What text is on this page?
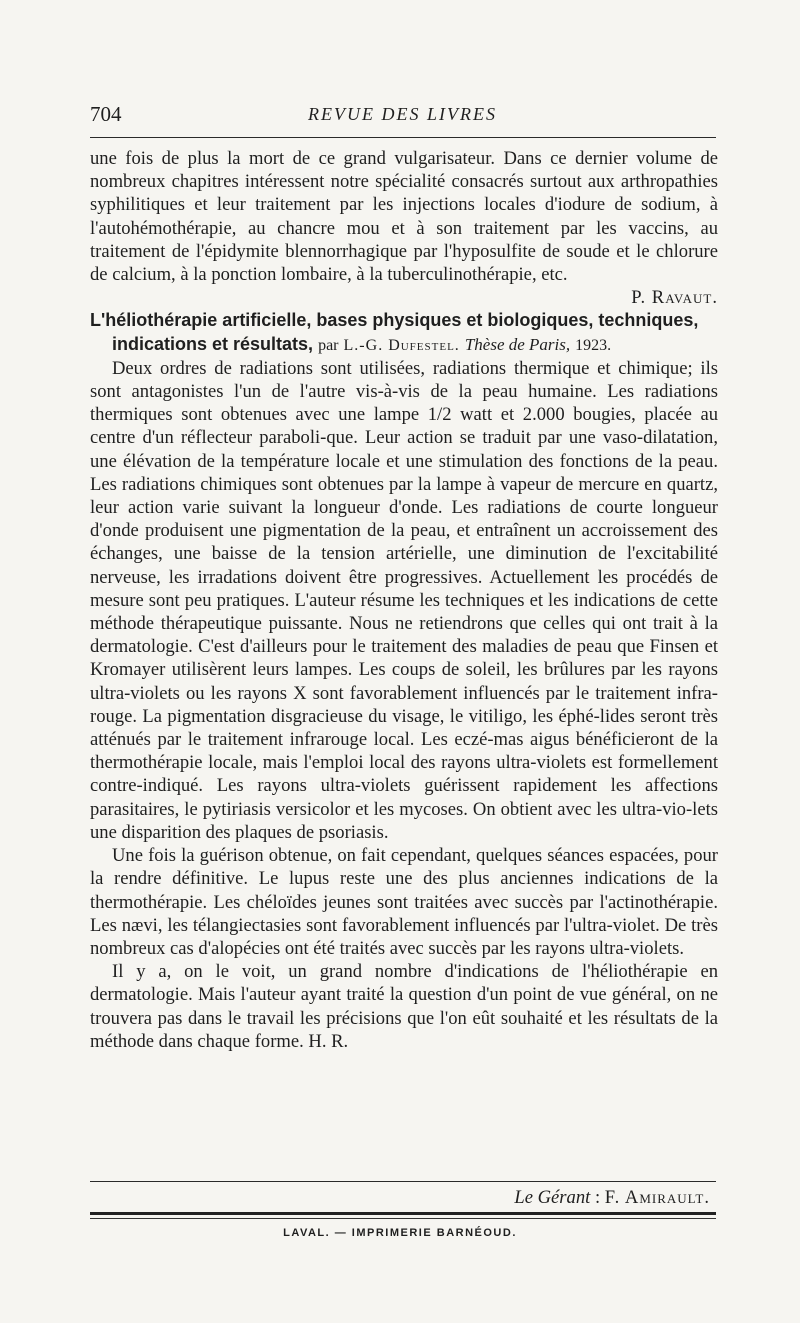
704	REVUE DES LIVRES

une fois de plus la mort de ce grand vulgarisateur. Dans ce dernier volume de nombreux chapitres intéressent notre spécialité consacrés surtout aux arthropathies syphilitiques et leur traitement par les injections locales d'iodure de sodium, à l'autohémothérapie, au chancre mou et à son traitement par les vaccins, au traitement de l'épidymite blennorrhagique par l'hyposulfite de soude et le chlorure de calcium, à la ponction lombaire, à la tuberculinothérapie, etc.

P. Ravaut.

L'héliothérapie artificielle, bases physiques et biologiques, techniques,
indications et résultats, par L.-G. Dufestel. Thèse de Paris, 1923.

Deux ordres de radiations sont utilisées, radiations thermique et chimique; ils sont antagonistes l'un de l'autre vis-à-vis de la peau humaine. Les radiations thermiques sont obtenues avec une lampe 1/2 watt et 2.000 bougies, placée au centre d'un réflecteur paraboli-que. Leur action se traduit par une vaso-dilatation, une élévation de la température locale et une stimulation des fonctions de la peau. Les radiations chimiques sont obtenues par la lampe à vapeur de mercure en quartz, leur action varie suivant la longueur d'onde. Les radiations de courte longueur d'onde produisent une pigmentation de la peau, et entraînent un accroissement des échanges, une baisse de la tension artérielle, une diminution de l'excitabilité nerveuse, les irradations doivent être progressives. Actuellement les procédés de mesure sont peu pratiques. L'auteur résume les techniques et les indications de cette méthode thérapeutique puissante. Nous ne retiendrons que celles qui ont trait à la dermatologie. C'est d'ailleurs pour le traitement des maladies de peau que Finsen et Kromayer utilisèrent leurs lampes. Les coups de soleil, les brûlures par les rayons ultra-violets ou les rayons X sont favorablement influencés par le traitement infra-rouge. La pigmentation disgracieuse du visage, le vitiligo, les éphé-lides seront très atténués par le traitement infrarouge local. Les eczé-mas aigus bénéficieront de la thermothérapie locale, mais l'emploi local des rayons ultra-violets est formellement contre-indiqué. Les rayons ultra-violets guérissent rapidement les affections parasitaires, le pytiriasis versicolor et les mycoses. On obtient avec les ultra-vio-lets une disparition des plaques de psoriasis.

Une fois la guérison obtenue, on fait cependant, quelques séances espacées, pour la rendre définitive. Le lupus reste une des plus anciennes indications de la thermothérapie. Les chéloïdes jeunes sont traitées avec succès par l'actinothérapie. Les nævi, les télangiectasies sont favorablement influencés par l'ultra-violet. De très nombreux cas d'alopécies ont été traités avec succès par les rayons ultra-violets.

Il y a, on le voit, un grand nombre d'indications de l'héliothérapie en dermatologie. Mais l'auteur ayant traité la question d'un point de vue général, on ne trouvera pas dans le travail les précisions que l'on eût souhaité et les résultats de la méthode dans chaque forme. H. R.

Le Gérant : F. Amirault.
LAVAL. — IMPRIMERIE BARNÉOUD.
